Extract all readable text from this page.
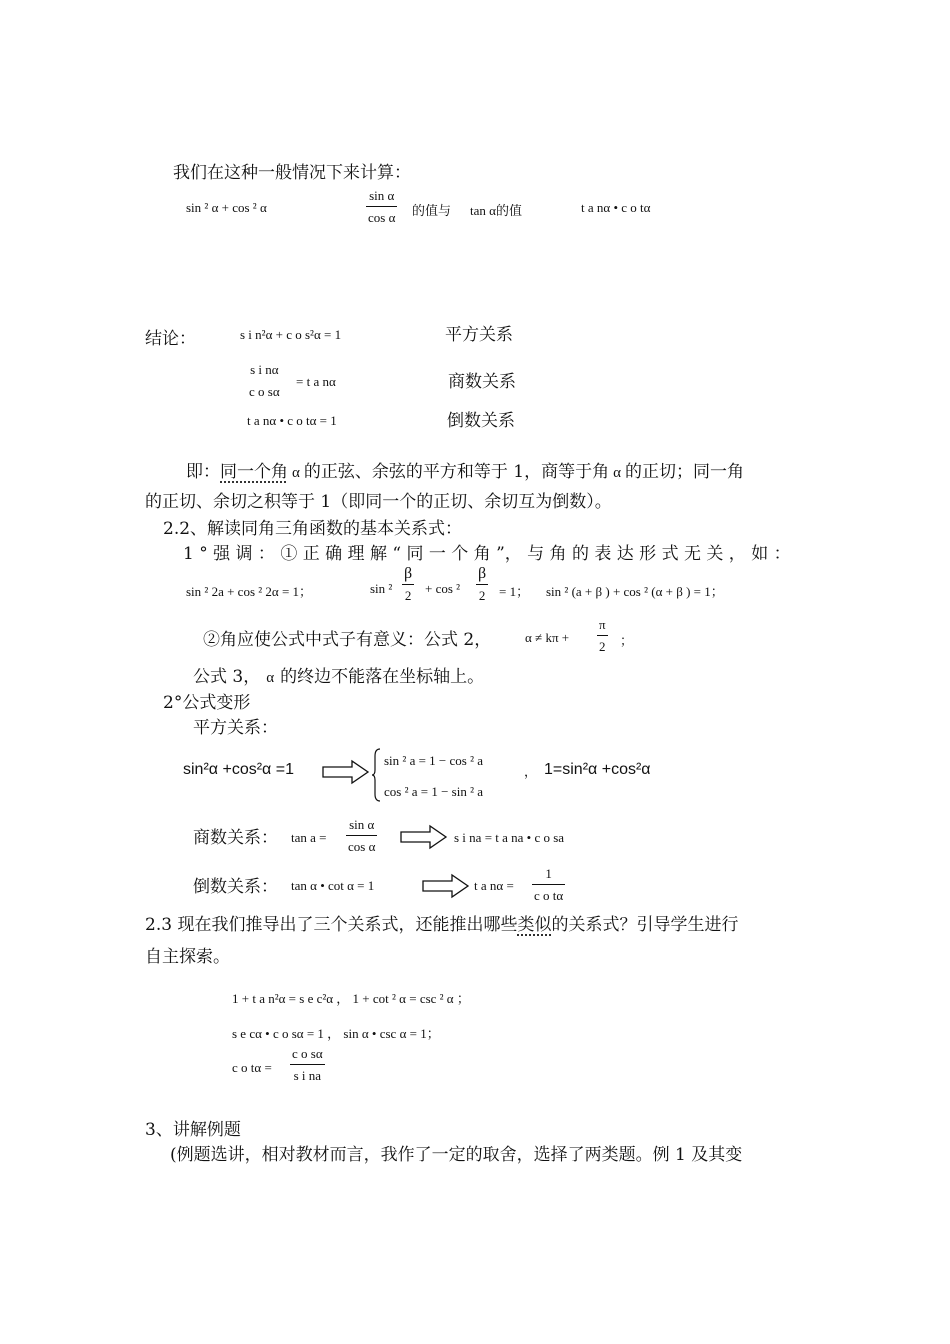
我们在这种一般情况下来计算：
sin ² α + cos ² α
sin α
cos α 的值与 tan α的值	t a nα • c o tα
结论：	s i n²α + c o s²α = 1	平方关系
s i nα
c o sα
= t a nα	商数关系
t a nα • c o tα = 1	倒数关系
即：同一个角 α 的正弦、余弦的平方和等于 1，商等于角 α 的正切；同一角
的正切、余切之积等于 1（即同一个的正切、余切互为倒数）。
2.2、解读同角三角函数的基本关系式：
1 ° 强 调 ： ① 正 确 理 解 “ 同 一 个 角 ”， 与 角 的 表 达 形 式 无 关 ， 如 ：
sin ² 2a + cos ² 2α = 1；	sin ²
β
2 + cos ²
β
2 = 1； sin ² (a + β ) + cos ² (α + β ) = 1；
②角应使公式中式子有意义：公式 2，	α ≠ kπ +
π
2 ；
公式 3， α 的终边不能落在坐标轴上。
2°公式变形
平方关系：
sin²α +cos²α =1
sin ² a = 1 − cos ² a
cos ² a = 1 − sin ² a
， 1=sin²α +cos²α
商数关系： tan a =
sin α
cos α
s i na = t a na • c o sa
倒数关系： tan α • cot α = 1	t a nα =
1
c o tα
2.3 现在我们推导出了三个关系式，还能推出哪些类似的关系式？引导学生进行
自主探索。
1 + t a n²α = s e c²α ， 1 + cot ² α = csc ² α ；
s e cα • c o sα = 1 ， sin α • csc α = 1；
c o tα =
c o sα
s i na
3、讲解例题
(例题选讲，相对教材而言，我作了一定的取舍，选择了两类题。例 1 及其变
